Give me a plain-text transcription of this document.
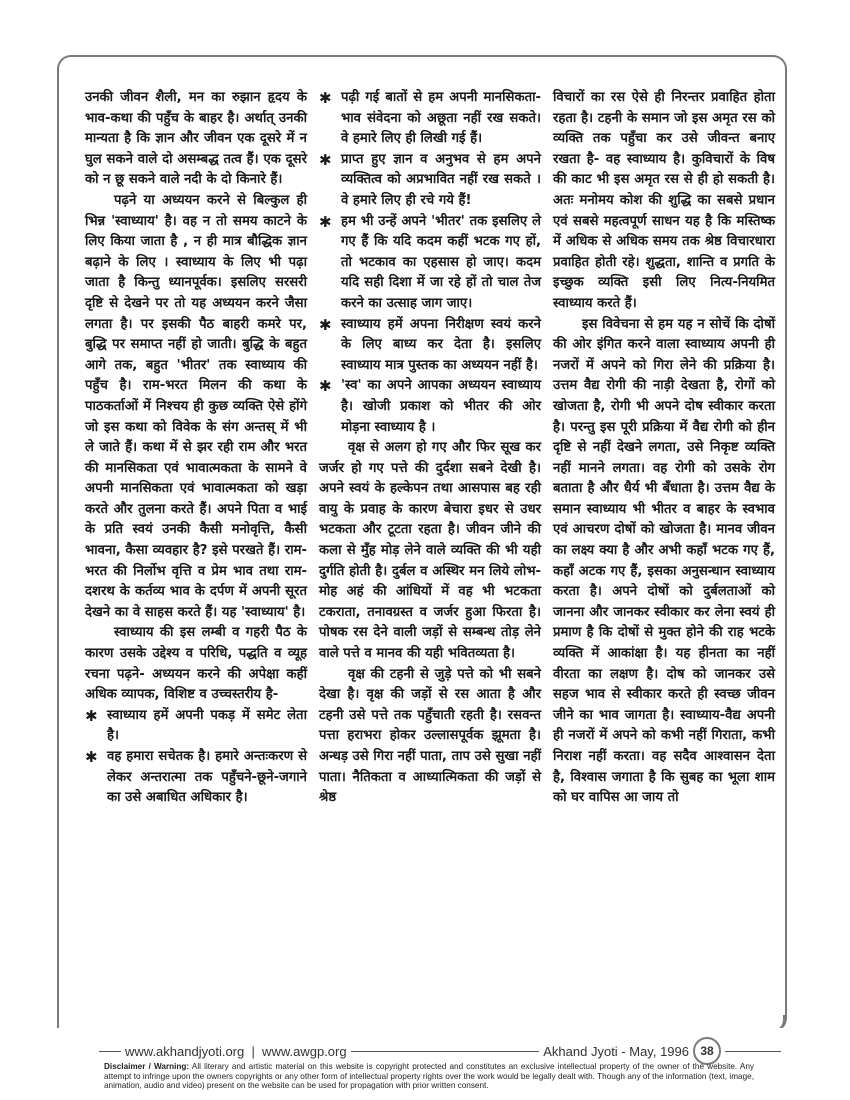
उनकी जीवन शैली, मन का रुझान हृदय के भाव-कथा की पहुँच के बाहर है। अर्थात् उनकी मान्यता है कि ज्ञान और जीवन एक दूसरे में न घुल सकने वाले दो असम्बद्ध तत्व हैं। एक दूसरे को न छू सकने वाले नदी के दो किनारे हैं।

पढ़ने या अध्ययन करने से बिल्कुल ही भिन्न 'स्वाध्याय' है। वह न तो समय काटने के लिए किया जाता है , न ही मात्र बौद्धिक ज्ञान बढ़ाने के लिए । स्वाध्याय के लिए भी पढ़ा जाता है किन्तु ध्यानपूर्वक। इसलिए सरसरी दृष्टि से देखने पर तो यह अध्ययन करने जैसा लगता है। पर इसकी पैठ बाहरी कमरे पर, बुद्धि पर समाप्त नहीं हो जाती। बुद्धि के बहुत आगे तक, बहुत 'भीतर' तक स्वाध्याय की पहुँच है। राम-भरत मिलन की कथा के पाठकर्ताओं में निश्चय ही कुछ व्यक्ति ऐसे होंगे जो इस कथा को विवेक के संग अन्तस् में भी ले जाते हैं। कथा में से झर रही राम और भरत की मानसिकता एवं भावात्मकता के सामने वे अपनी मानसिकता एवं भावात्मकता को खड़ा करते और तुलना करते हैं। अपने पिता व भाई के प्रति स्वयं उनकी कैसी मनोवृत्ति, कैसी भावना, कैसा व्यवहार है? इसे परखते हैं। राम-भरत की निर्लोभ वृत्ति व प्रेम भाव तथा राम-दशरथ के कर्तव्य भाव के दर्पण में अपनी सूरत देखने का वे साहस करते हैं। यह 'स्वाध्याय' है।

स्वाध्याय की इस लम्बी व गहरी पैठ के कारण उसके उद्देश्य व परिधि, पद्धति व व्यूह रचना पढ़ने- अध्ययन करने की अपेक्षा कहीं अधिक व्यापक, विशिष्ट व उच्चस्तरीय है-

✱ स्वाध्याय हमें अपनी पकड़ में समेट लेता है।
✱ वह हमारा सचेतक है। हमारे अन्तःकरण से लेकर अन्तरात्मा तक पहुँचने-छूने-जगाने का उसे अबाधित अधिकार है।
✱ पढ़ी गई बातों से हम अपनी मानसिकता-भाव संवेदना को अछूता नहीं रख सकते। वे हमारे लिए ही लिखी गई हैं।
✱ प्राप्त हुए ज्ञान व अनुभव से हम अपने व्यक्तित्व को अप्रभावित नहीं रख सकते । वे हमारे लिए ही रचे गये हैं!
✱ हम भी उन्हें अपने 'भीतर' तक इसलिए ले गए हैं कि यदि कदम कहीं भटक गए हों, तो भटकाव का एहसास हो जाए। कदम यदि सही दिशा में जा रहे हों तो चाल तेज करने का उत्साह जाग जाए।
✱ स्वाध्याय हमें अपना निरीक्षण स्वयं करने के लिए बाध्य कर देता है। इसलिए स्वाध्याय मात्र पुस्तक का अध्ययन नहीं है।
✱ 'स्व' का अपने आपका अध्ययन स्वाध्याय है। खोजी प्रकाश को भीतर की ओर मोड़ना स्वाध्याय है ।

वृक्ष से अलग हो गए और फिर सूख कर जर्जर हो गए पत्ते की दुर्दशा सबने देखी है। अपने स्वयं के हल्केपन तथा आसपास बह रही वायु के प्रवाह के कारण बेचारा इधर से उधर भटकता और टूटता रहता है। जीवन जीने की कला से मुँह मोड़ लेने वाले व्यक्ति की भी यही दुर्गति होती है। दुर्बल व अस्थिर मन लिये लोभ-मोह अहं की आंधियों में वह भी भटकता टकराता, तनावग्रस्त व जर्जर हुआ फिरता है। पोषक रस देने वाली जड़ों से सम्बन्ध तोड़ लेने वाले पत्ते व मानव की यही भवितव्यता है।

वृक्ष की टहनी से जुड़े पत्ते को भी सबने देखा है। वृक्ष की जड़ों से रस आता है और टहनी उसे पत्ते तक पहुँचाती रहती है। रसवन्त पत्ता हराभरा होकर उल्लासपूर्वक झूमता है। अन्धड़ उसे गिरा नहीं पाता, ताप उसे सुखा नहीं पाता। नैतिकता व आध्यात्मिकता की जड़ों से श्रेष्ठ

विचारों का रस ऐसे ही निरन्तर प्रवाहित होता रहता है। टहनी के समान जो इस अमृत रस को व्यक्ति तक पहुँचा कर उसे जीवन्त बनाए रखता है- वह स्वाध्याय है। कुविचारों के विष की काट भी इस अमृत रस से ही हो सकती है। अतः मनोमय कोश की शुद्धि का सबसे प्रधान एवं सबसे महत्वपूर्ण साधन यह है कि मस्तिष्क में अधिक से अधिक समय तक श्रेष्ठ विचारधारा प्रवाहित होती रहे। शुद्धता, शान्ति व प्रगति के इच्छुक व्यक्ति इसी लिए नित्य-नियमित स्वाध्याय करते हैं।

इस विवेचना से हम यह न सोचें कि दोषों की ओर इंगित करने वाला स्वाध्याय अपनी ही नजरों में अपने को गिरा लेने की प्रक्रिया है। उत्तम वैद्य रोगी की नाड़ी देखता है, रोगों को खोजता है, रोगी भी अपने दोष स्वीकार करता है। परन्तु इस पूरी प्रक्रिया में वैद्य रोगी को हीन दृष्टि से नहीं देखने लगता, उसे निकृष्ट व्यक्ति नहीं मानने लगता। वह रोगी को उसके रोग बताता है और धैर्य भी बँधाता है। उत्तम वैद्य के समान स्वाध्याय भी भीतर व बाहर के स्वभाव एवं आचरण दोषों को खोजता है। मानव जीवन का लक्ष्य क्या है और अभी कहाँ भटक गए हैं, कहाँ अटक गए हैं, इसका अनुसन्धान स्वाध्याय करता है। अपने दोषों को दुर्बलताओं को जानना और जानकर स्वीकार कर लेना स्वयं ही प्रमाण है कि दोषों से मुक्त होने की राह भटके व्यक्ति में आकांक्षा है। यह हीनता का नहीं वीरता का लक्षण है। दोष को जानकर उसे सहज भाव से स्वीकार करते ही स्वच्छ जीवन जीने का भाव जागता है। स्वाध्याय-वैद्य अपनी ही नजरों में अपने को कभी नहीं गिराता, कभी निराश नहीं करता। वह सदैव आश्वासन देता है, विश्वास जगाता है कि सुबह का भूला शाम को घर वापिस आ जाय तो

www.akhandjyoti.org  |  www.awgp.org	Akhand Jyoti - May, 1996 38
Disclaimer / Warning: All literary and artistic material on this website is copyright protected and constitutes an exclusive intellectual property of the owner of the website. Any attempt to infringe upon the owners copyrights or any other form of intellectual property rights over the work would be legally dealt with. Though any of the information (text, image, animation, audio and video) present on the website can be used for propagation with prior written consent.
